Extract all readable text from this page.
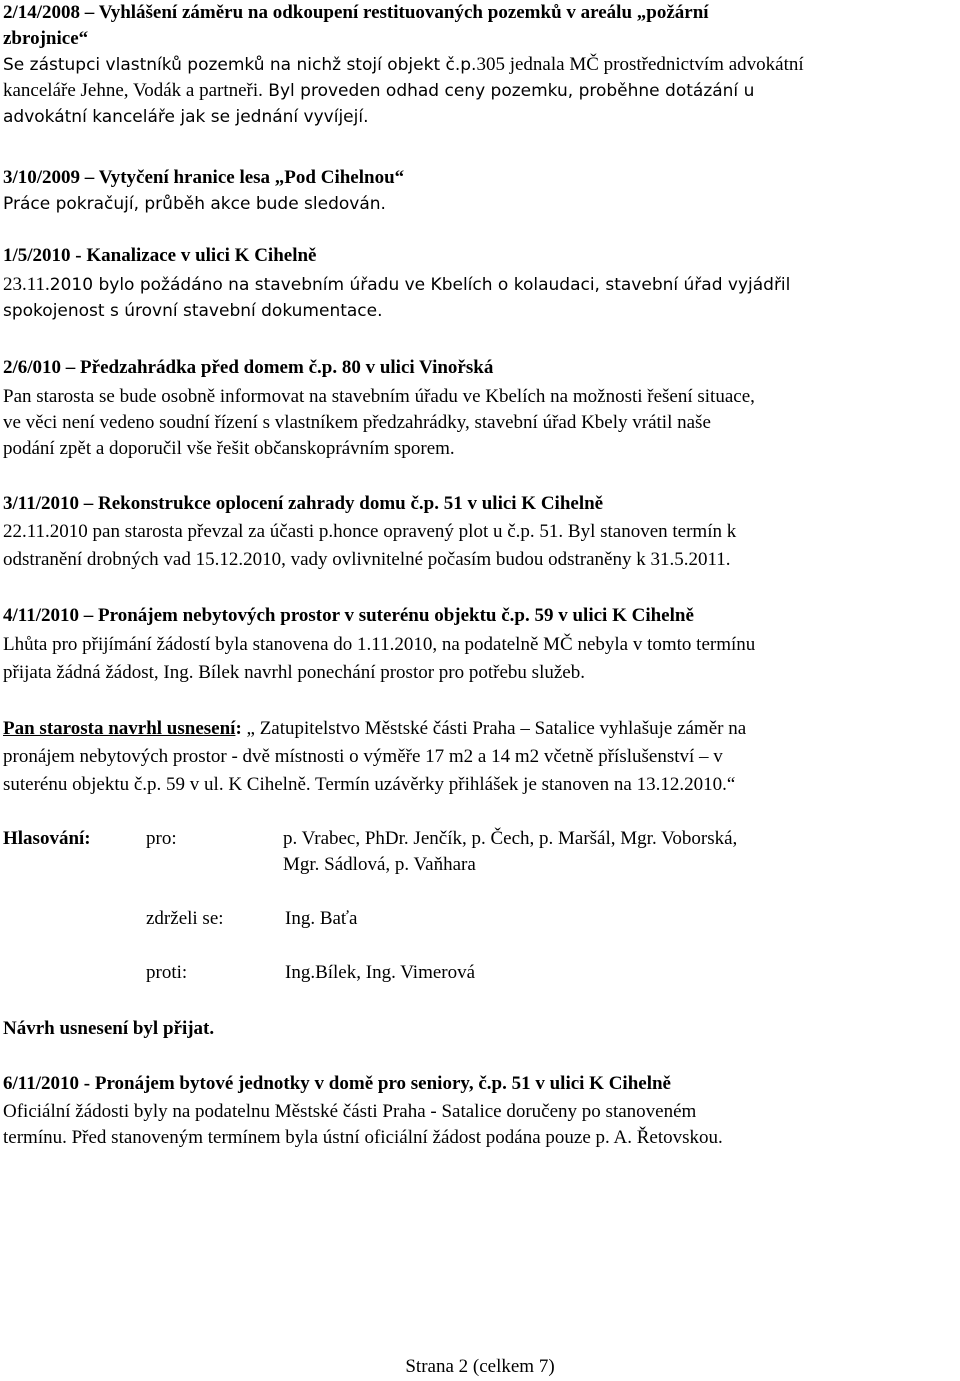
2/14/2008 – Vyhlášení záměru na odkoupení restituovaných pozemků v areálu „požární
zbrojnice“
Se zástupci vlastníků pozemků na nichž stojí objekt č.p.305 jednala MČ prostřednictvím advokátní
kanceláře Jehne, Vodák a partneři. Byl proveden odhad ceny pozemku, proběhne dotázání u
advokátní kanceláře jak se jednání vyvíjejí.
3/10/2009 – Vytyčení hranice lesa „Pod Cihelnou“
Práce pokračují, průběh akce bude sledován.
1/5/2010 - Kanalizace v ulici K Cihelně
23.11.2010 bylo požádáno na stavebním úřadu ve Kbelích o kolaudaci, stavební úřad vyjádřil
spokojenost s úrovní stavební dokumentace.
2/6/010 – Předzahrádka před domem č.p. 80 v ulici Vinořská
Pan starosta se bude osobně informovat na stavebním úřadu ve Kbelích na možnosti řešení situace,
ve věci není vedeno soudní řízení s vlastníkem předzahrádky, stavební úřad Kbely vrátil naše
podání zpět a doporučil vše řešit občanskoprávním sporem.
3/11/2010 – Rekonstrukce oplocení zahrady domu č.p. 51 v ulici K Cihelně
22.11.2010 pan starosta převzal za účasti p.honce opravený plot u č.p. 51. Byl stanoven termín k
odstranění drobných vad 15.12.2010, vady ovlivnitelné počasím budou odstraněny k 31.5.2011.
4/11/2010 – Pronájem nebytových prostor v suterénu objektu č.p. 59 v ulici K Cihelně
Lhůta pro přijímání žádostí byla stanovena do 1.11.2010, na podatelně MČ nebyla v tomto termínu
přijata žádná žádost, Ing. Bílek navrhl ponechání prostor pro potřebu služeb.
Pan starosta navrhl usnesení: „ Zatupitelstvo Městské části Praha – Satalice vyhlašuje záměr na
pronájem nebytových prostor - dvě místnosti o výměře 17 m2 a 14 m2 včetně příslušenství – v
suterénu objektu č.p. 59 v ul. K Cihelně. Termín uzávěrky přihlášek je stanoven na 13.12.2010.“
Hlasování:	pro:	p. Vrabec, PhDr. Jenčík, p. Čech, p. Maršál, Mgr. Voborská,
Mgr. Sádlová, p. Vaňhara
zdrželi se:	Ing. Baťa
proti:	Ing.Bílek, Ing. Vimerová
Návrh usnesení byl přijat.
6/11/2010 - Pronájem bytové jednotky v domě pro seniory, č.p. 51 v ulici K Cihelně
Oficiální žádosti byly na podatelnu Městské části Praha - Satalice doručeny po stanoveném
termínu. Před stanoveným termínem byla ústní oficiální žádost podána pouze p. A. Řetovskou.
Strana 2 (celkem 7)
